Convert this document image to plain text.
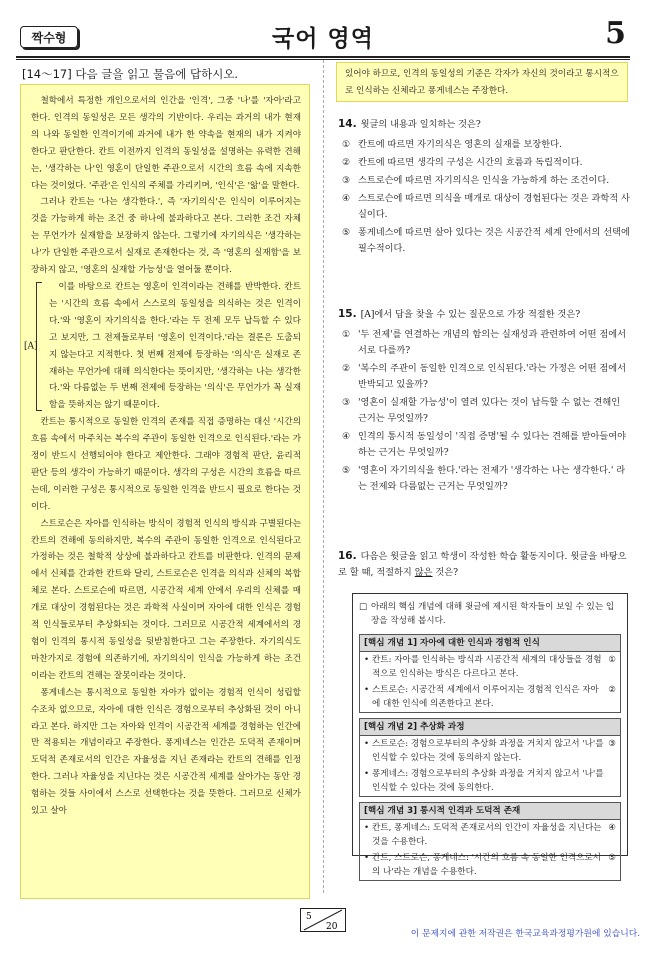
짝수형	국어 영역	5
[14～17] 다음 글을 읽고 물음에 답하시오.

철학에서 특정한 개인으로서의 인간을 '인격', 그중 '나'를 '자아'라고 한다. 인격의 동일성은 모든 생각의 기반이다. 우리는 과거의 내가 현재의 나와 동일한 인격이기에 과거에 내가 한 약속을 현재의 내가 지켜야 한다고 판단한다. 칸트 이전까지 인격의 동일성을 설명하는 유력한 견해는, '생각하는 나'인 영혼이 단일한 주관으로서 시간의 흐름 속에 지속한다는 것이었다. '주관'은 인식의 주체를 가리키며, '인식'은 '앎'을 말한다.

그러나 칸트는 '나는 생각한다.', 즉 '자기의식'은 인식이 이루어지는 것을 가능하게 하는 조건 중 하나에 불과하다고 본다. 그러한 조건 자체는 무언가가 실재함을 보장하지 않는다. 그렇기에 자기의식은 '생각하는 나'가 단일한 주관으로서 실재로 존재한다는 것, 즉 '영혼의 실재함'을 보장하지 않고, '영혼의 실재할 가능성'을 열어둘 뿐이다.

[A]

이를 바탕으로 칸트는 영혼이 인격이라는 견해를 반박한다. 칸트는 '시간의 흐름 속에서 스스로의 동일성을 의식하는 것은 인격이다.'와 '영혼이 자기의식을 한다.'라는 두 전제 모두 납득할 수 있다고 보지만, 그 전제들로부터 '영혼이 인격이다.'라는 결론은 도출되지 않는다고 지적한다. 첫 번째 전제에 등장하는 '의식'은 실재로 존재하는 무언가에 대해 의식한다는 뜻이지만, '생각하는 나는 생각한다.'와 다름없는 두 번째 전제에 등장하는 '의식'은 무언가가 꼭 실재함을 뜻하지는 않기 때문이다.

칸트는 통시적으로 동일한 인격의 존재를 직접 증명하는 대신 '시간의 흐름 속에서 마주치는 복수의 주관이 동일한 인격으로 인식된다.'라는 가정이 반드시 선행되어야 한다고 제안한다. 그래야 경험적 판단, 윤리적 판단 등의 생각이 가능하기 때문이다. 생각의 구성은 시간의 흐름을 따르는데, 이러한 구성은 통시적으로 동일한 인격을 반드시 필요로 한다는 것이다.

스트로슨은 자아를 인식하는 방식이 경험적 인식의 방식과 구별된다는 칸트의 견해에 동의하지만, 복수의 주관이 동일한 인격으로 인식된다고 가정하는 것은 철학적 상상에 불과하다고 칸트를 비판한다. 인격의 문제에서 신체를 간과한 칸트와 달리, 스트로슨은 인격을 의식과 신체의 복합체로 본다. 스트로슨에 따르면, 시공간적 세계 안에서 우리의 신체를 매개로 대상이 경험된다는 것은 과학적 사실이며 자아에 대한 인식은 경험적 인식들로부터 추상화되는 것이다. 그러므로 시공간적 세계에서의 경험이 인격의 통시적 동일성을 뒷받침한다고 그는 주장한다. 자기의식도 마찬가지로 경험에 의존하기에, 자기의식이 인식을 가능하게 하는 조건이라는 칸트의 견해는 잘못이라는 것이다.

퐁게네스는 통시적으로 동일한 자아가 없이는 경험적 인식이 성립할 수조차 없으므로, 자아에 대한 인식은 경험으로부터 추상화된 것이 아니라고 본다. 하지만 그는 자아와 인격이 시공간적 세계를 경험하는 인간에만 적용되는 개념이라고 주장한다. 퐁게네스는 인간은 도덕적 존재이며 도덕적 존재로서의 인간은 자율성을 지닌 존재라는 칸트의 견해를 인정한다. 그러나 자율성을 지닌다는 것은 시공간적 세계를 살아가는 동안 경험하는 것들 사이에서 스스로 선택한다는 것을 뜻한다. 그러므로 신체가 있고 살아

있어야 하므로, 인격의 동일성의 기준은 각자가 자신의 것이라고 통시적으로 인식하는 신체라고 퐁게네스는 주장한다.
14. 윗글의 내용과 일치하는 것은?
① 칸트에 따르면 자기의식은 영혼의 실재를 보장한다.
② 칸트에 따르면 생각의 구성은 시간의 흐름과 독립적이다.
③ 스트로슨에 따르면 자기의식은 인식을 가능하게 하는 조건이다.
④ 스트로슨에 따르면 의식을 매개로 대상이 경험된다는 것은 과학적 사실이다.
⑤ 퐁게네스에 따르면 살아 있다는 것은 시공간적 세계 안에서의 선택에 필수적이다.
15. [A]에서 답을 찾을 수 있는 질문으로 가장 적절한 것은?
① '두 전제'를 연결하는 개념의 함의는 실재성과 관련하여 어떤 점에서 서로 다를까?
② '복수의 주관이 동일한 인격으로 인식된다.'라는 가정은 어떤 점에서 반박되고 있을까?
③ '영혼이 실재할 가능성'이 열려 있다는 것이 납득할 수 없는 견해인 근거는 무엇일까?
④ 인격의 통시적 동일성이 '직접 증명'될 수 있다는 견해를 받아들여야 하는 근거는 무엇일까?
⑤ '영혼이 자기의식을 한다.'라는 전제가 '생각하는 나는 생각한다.' 라는 전제와 다름없는 근거는 무엇일까?
16. 다음은 윗글을 읽고 학생이 작성한 학습 활동지이다. 윗글을 바탕으로 할 때, 적절하지 않은 것은?
□ 아래의 핵심 개념에 대해 윗글에 제시된 학자들이 보일 수 있는 입장을 작성해 봅시다.
[핵심 개념 1] 자아에 대한 인식과 경험적 인식
• 칸트: 자아를 인식하는 방식과 시공간적 세계의 대상들을 경험적으로 인식하는 방식은 다르다고 본다.
①
• 스트로슨: 시공간적 세계에서 이루어지는 경험적 인식은 자아에 대한 인식에 의존한다고 본다.
②
[핵심 개념 2] 추상화 과정
• 스트로슨: 경험으로부터의 추상화 과정을 거치지 않고서 '나'를 인식할 수 있다는 것에 동의하지 않는다.
③
• 퐁게네스: 경험으로부터의 추상화 과정을 거치지 않고서 '나'를 인식할 수 있다는 것에 동의한다.
[핵심 개념 3] 통시적 인격과 도덕적 존재
• 칸트, 퐁게네스: 도덕적 존재로서의 인간이 자율성을 지닌다는 것을 수용한다.
④
• 칸트, 스트로슨, 퐁게네스: '시간의 흐름 속 동일한 인격으로서의 나'라는 개념을 수용한다.
⑤
5
20
이 문제지에 관한 저작권은 한국교육과정평가원에 있습니다.
